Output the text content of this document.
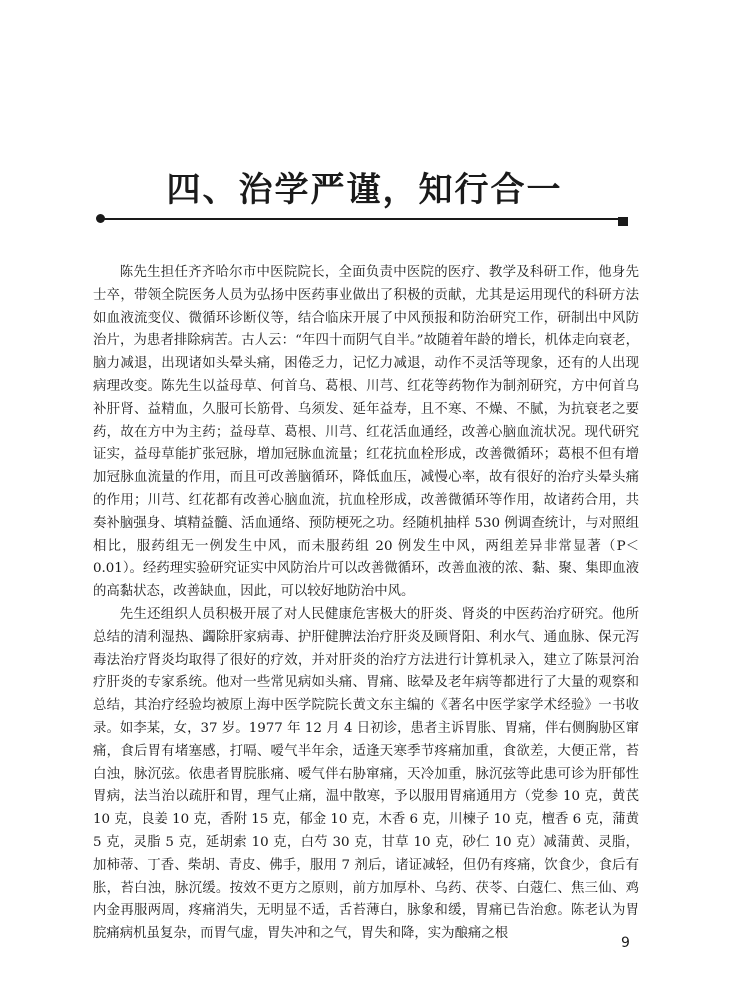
四、治学严谨，知行合一

陈先生担任齐齐哈尔市中医院院长，全面负责中医院的医疗、教学及科研工作，他身先士卒，带领全院医务人员为弘扬中医药事业做出了积极的贡献，尤其是运用现代的科研方法如血液流变仪、微循环诊断仪等，结合临床开展了中风预报和防治研究工作，研制出中风防治片，为患者排除病苦。古人云：“年四十而阴气自半。”故随着年龄的增长，机体走向衰老，脑力减退，出现诸如头晕头痛，困倦乏力，记忆力减退，动作不灵活等现象，还有的人出现病理改变。陈先生以益母草、何首乌、葛根、川芎、红花等药物作为制剂研究，方中何首乌补肝肾、益精血，久服可长筋骨、乌须发、延年益寿，且不寒、不燥、不腻，为抗衰老之要药，故在方中为主药；益母草、葛根、川芎、红花活血通经，改善心脑血流状况。现代研究证实，益母草能扩张冠脉，增加冠脉血流量；红花抗血栓形成，改善微循环；葛根不但有增加冠脉血流量的作用，而且可改善脑循环，降低血压，减慢心率，故有很好的治疗头晕头痛的作用；川芎、红花都有改善心脑血流，抗血栓形成，改善微循环等作用，故诸药合用，共奏补脑强身、填精益髓、活血通络、预防梗死之功。经随机抽样 530 例调查统计，与对照组相比，服药组无一例发生中风，而未服药组 20 例发生中风，两组差异非常显著（P＜0.01）。经药理实验研究证实中风防治片可以改善微循环，改善血液的浓、黏、聚、集即血液的高黏状态，改善缺血，因此，可以较好地防治中风。

先生还组织人员积极开展了对人民健康危害极大的肝炎、肾炎的中医药治疗研究。他所总结的清利湿热、蠲除肝家病毒、护肝健脾法治疗肝炎及顾肾阳、利水气、通血脉、保元泻毒法治疗肾炎均取得了很好的疗效，并对肝炎的治疗方法进行计算机录入，建立了陈景河治疗肝炎的专家系统。他对一些常见病如头痛、胃痛、眩晕及老年病等都进行了大量的观察和总结，其治疗经验均被原上海中医学院院长黄文东主编的《著名中医学家学术经验》一书收录。如李某，女，37 岁。1977 年 12 月 4 日初诊，患者主诉胃胀、胃痛，伴右侧胸胁区窜痛，食后胃有堵塞感，打嗝、嗳气半年余，适逢天寒季节疼痛加重，食欲差，大便正常，苔白浊，脉沉弦。依患者胃脘胀痛、嗳气伴右胁窜痛，天冷加重，脉沉弦等此患可诊为肝郁性胃病，法当治以疏肝和胃，理气止痛，温中散寒，予以服用胃痛通用方（党参 10 克，黄芪 10 克，良姜 10 克，香附 15 克，郁金 10 克，木香 6 克，川楝子 10 克，檀香 6 克，蒲黄 5 克，灵脂 5 克，延胡索 10 克，白芍 30 克，甘草 10 克，砂仁 10 克）减蒲黄、灵脂，加柿蒂、丁香、柴胡、青皮、佛手，服用 7 剂后，诸证减轻，但仍有疼痛，饮食少，食后有胀，苔白浊，脉沉缓。按效不更方之原则，前方加厚朴、乌药、茯苓、白蔻仁、焦三仙、鸡内金再服两周，疼痛消失，无明显不适，舌苔薄白，脉象和缓，胃痛已告治愈。陈老认为胃脘痛病机虽复杂，而胃气虚，胃失冲和之气，胃失和降，实为酿痛之根

9
